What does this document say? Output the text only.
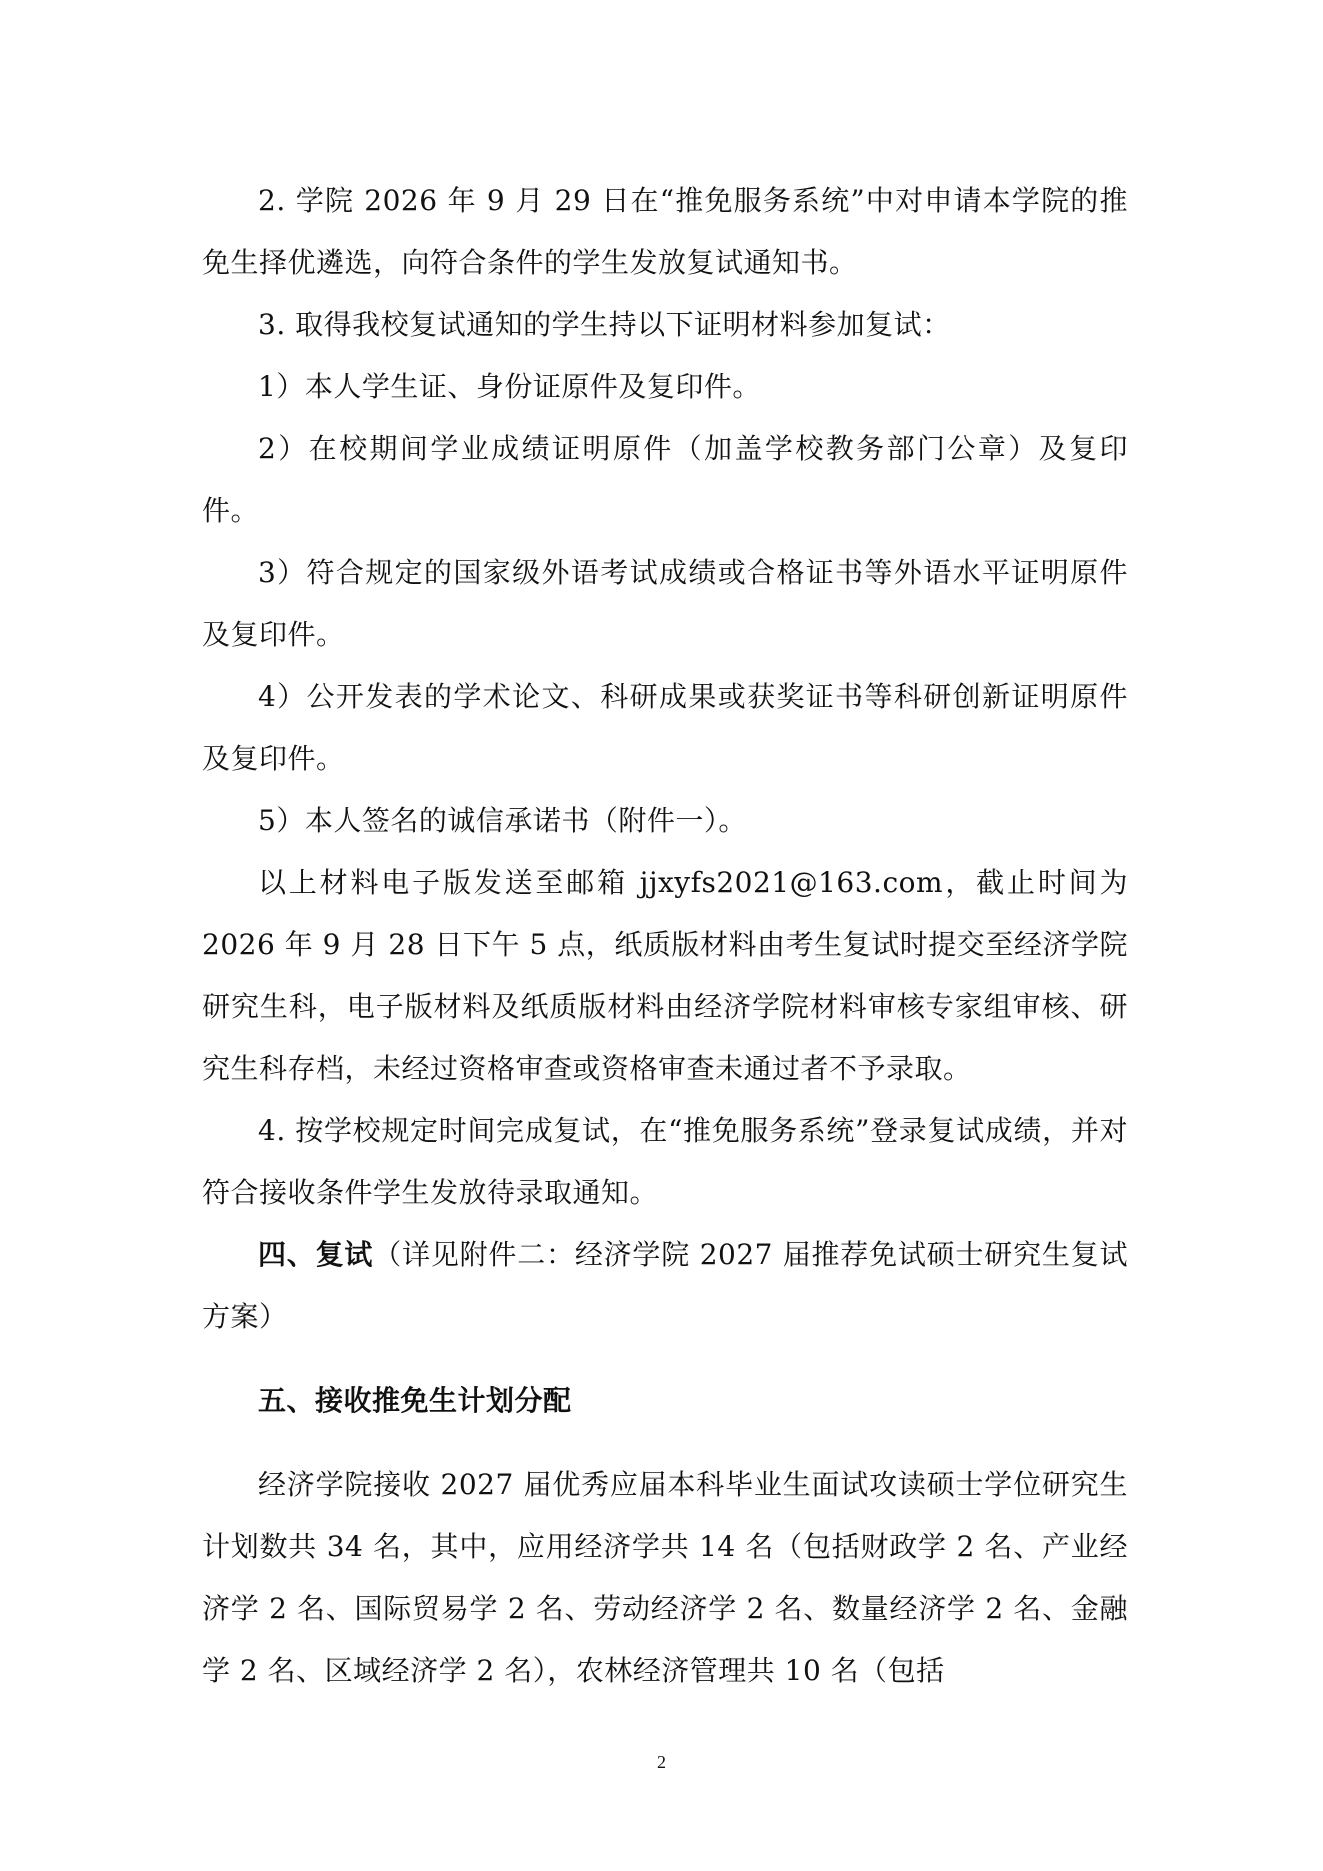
2. 学院 2026 年 9 月 29 日在“推免服务系统”中对申请本学院的推免生择优遴选，向符合条件的学生发放复试通知书。

3. 取得我校复试通知的学生持以下证明材料参加复试：

1）本人学生证、身份证原件及复印件。

2）在校期间学业成绩证明原件（加盖学校教务部门公章）及复印件。

3）符合规定的国家级外语考试成绩或合格证书等外语水平证明原件及复印件。

4）公开发表的学术论文、科研成果或获奖证书等科研创新证明原件及复印件。

5）本人签名的诚信承诺书（附件一）。

以上材料电子版发送至邮箱 jjxyfs2021@163.com，截止时间为 2026 年 9 月 28 日下午 5 点，纸质版材料由考生复试时提交至经济学院研究生科，电子版材料及纸质版材料由经济学院材料审核专家组审核、研究生科存档，未经过资格审查或资格审查未通过者不予录取。

4. 按学校规定时间完成复试，在“推免服务系统”登录复试成绩，并对符合接收条件学生发放待录取通知。

四、复试（详见附件二：经济学院 2027 届推荐免试硕士研究生复试方案）

五、接收推免生计划分配

经济学院接收 2027 届优秀应届本科毕业生面试攻读硕士学位研究生计划数共 34 名，其中，应用经济学共 14 名（包括财政学 2 名、产业经济学 2 名、国际贸易学 2 名、劳动经济学 2 名、数量经济学 2 名、金融学 2 名、区域经济学 2 名），农林经济管理共 10 名（包括

2
